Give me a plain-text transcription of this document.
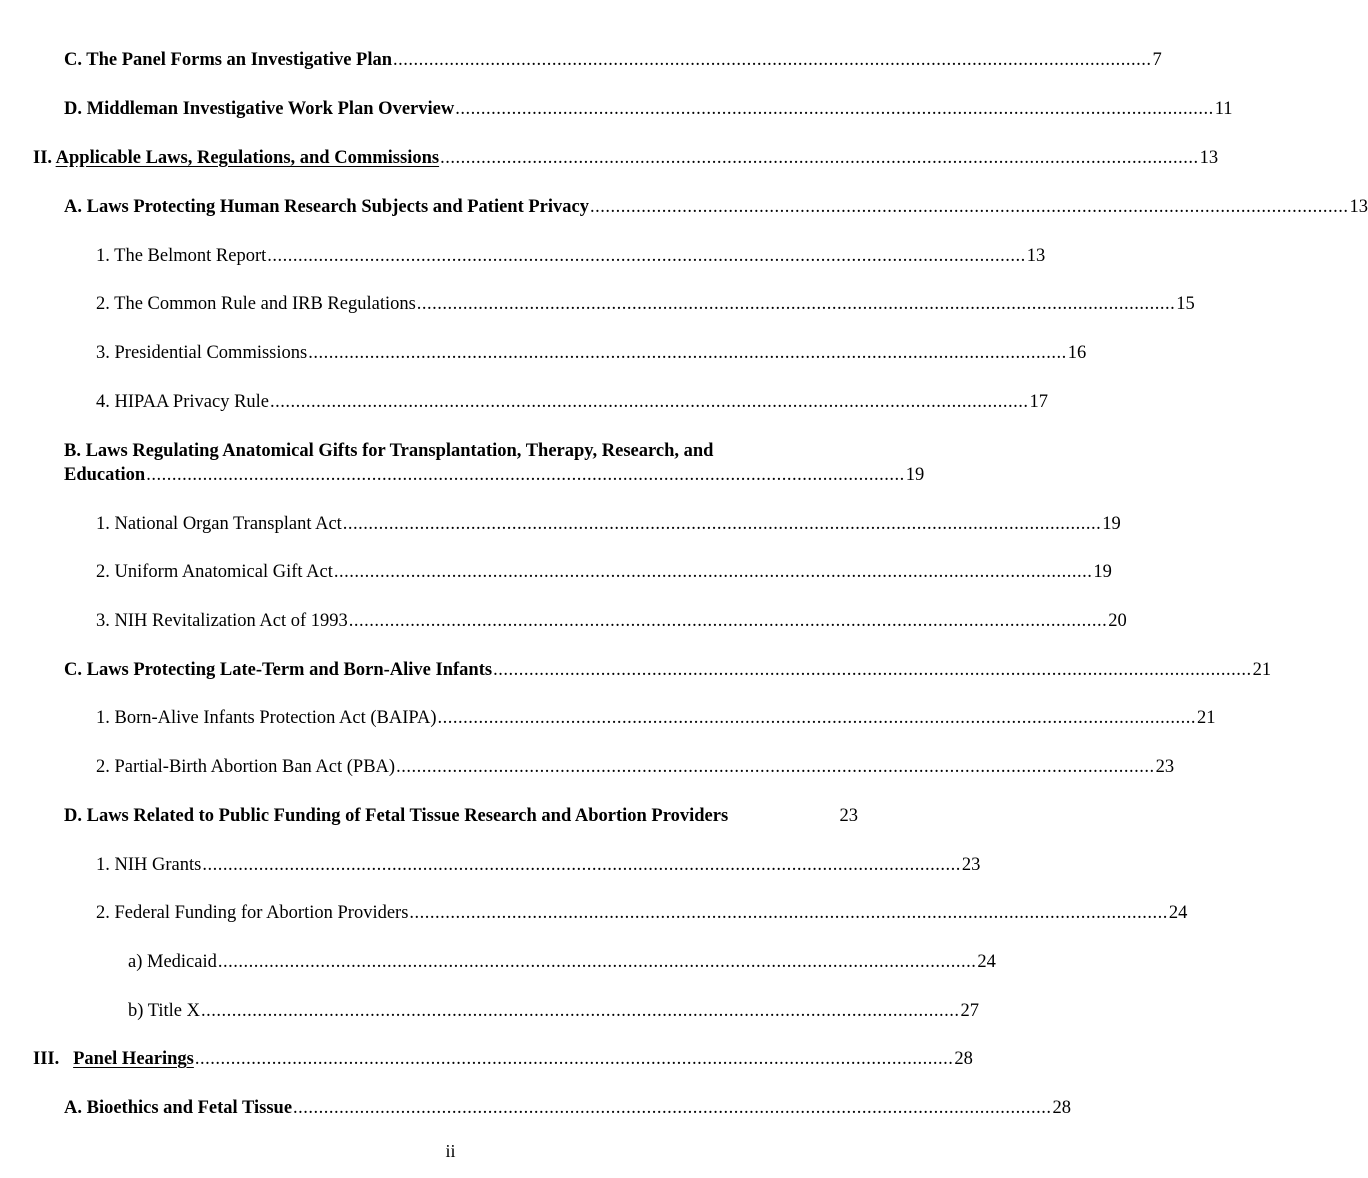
C. The Panel Forms an Investigative Plan .................................................................................................................................................... 7
D. Middleman Investigative Work Plan Overview .................................................................................................................................................... 11
II. Applicable Laws, Regulations, and Commissions .................................................................................................................................................... 13
A. Laws Protecting Human Research Subjects and Patient Privacy .................................................................................................................................................... 13
1. The Belmont Report .................................................................................................................................................... 13
2. The Common Rule and IRB Regulations .................................................................................................................................................... 15
3. Presidential Commissions .................................................................................................................................................... 16
4. HIPAA Privacy Rule .................................................................................................................................................... 17
B. Laws Regulating Anatomical Gifts for Transplantation, Therapy, Research, and
Education .................................................................................................................................................... 19
1. National Organ Transplant Act .................................................................................................................................................... 19
2. Uniform Anatomical Gift Act .................................................................................................................................................... 19
3. NIH Revitalization Act of 1993 .................................................................................................................................................... 20
C. Laws Protecting Late-Term and Born-Alive Infants .................................................................................................................................................... 21
1. Born-Alive Infants Protection Act (BAIPA) .................................................................................................................................................... 21
2. Partial-Birth Abortion Ban Act (PBA) .................................................................................................................................................... 23
D. Laws Related to Public Funding of Fetal Tissue Research and Abortion Providers
	23
1. NIH Grants .................................................................................................................................................... 23
2. Federal Funding for Abortion Providers .................................................................................................................................................... 24
a) Medicaid .................................................................................................................................................... 24
b) Title X .................................................................................................................................................... 27
III.   Panel Hearings .................................................................................................................................................... 28
A. Bioethics and Fetal Tissue .................................................................................................................................................... 28
ii
